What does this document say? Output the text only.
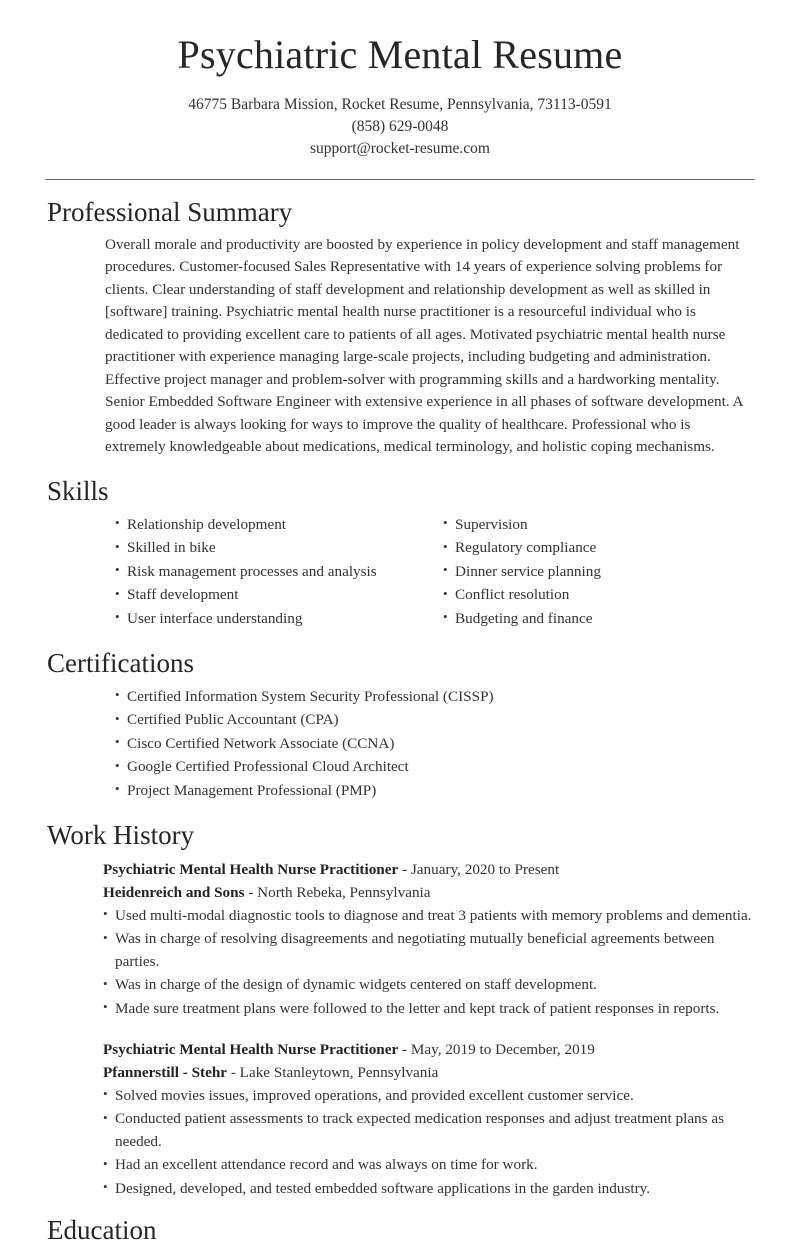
Psychiatric Mental Resume

46775 Barbara Mission, Rocket Resume, Pennsylvania, 73113-0591

(858) 629-0048

support@rocket-resume.com

Professional Summary

Overall morale and productivity are boosted by experience in policy development and staff management procedures. Customer-focused Sales Representative with 14 years of experience solving problems for clients. Clear understanding of staff development and relationship development as well as skilled in [software] training. Psychiatric mental health nurse practitioner is a resourceful individual who is dedicated to providing excellent care to patients of all ages. Motivated psychiatric mental health nurse practitioner with experience managing large-scale projects, including budgeting and administration. Effective project manager and problem-solver with programming skills and a hardworking mentality. Senior Embedded Software Engineer with extensive experience in all phases of software development. A good leader is always looking for ways to improve the quality of healthcare. Professional who is extremely knowledgeable about medications, medical terminology, and holistic coping mechanisms.

Skills
• Relationship development
• Skilled in bike
• Risk management processes and analysis
• Staff development
• User interface understanding
• Supervision
• Regulatory compliance
• Dinner service planning
• Conflict resolution
• Budgeting and finance
Certifications
• Certified Information System Security Professional (CISSP)
• Certified Public Accountant (CPA)
• Cisco Certified Network Associate (CCNA)
• Google Certified Professional Cloud Architect
• Project Management Professional (PMP)
Work History
Psychiatric Mental Health Nurse Practitioner - January, 2020 to Present
Heidenreich and Sons - North Rebeka, Pennsylvania
• Used multi-modal diagnostic tools to diagnose and treat 3 patients with memory problems and dementia.
• Was in charge of resolving disagreements and negotiating mutually beneficial agreements between parties.
• Was in charge of the design of dynamic widgets centered on staff development.
• Made sure treatment plans were followed to the letter and kept track of patient responses in reports.
Psychiatric Mental Health Nurse Practitioner - May, 2019 to December, 2019
Pfannerstill - Stehr - Lake Stanleytown, Pennsylvania
• Solved movies issues, improved operations, and provided excellent customer service.
• Conducted patient assessments to track expected medication responses and adjust treatment plans as needed.
• Had an excellent attendance record and was always on time for work.
• Designed, developed, and tested embedded software applications in the garden industry.
Education
